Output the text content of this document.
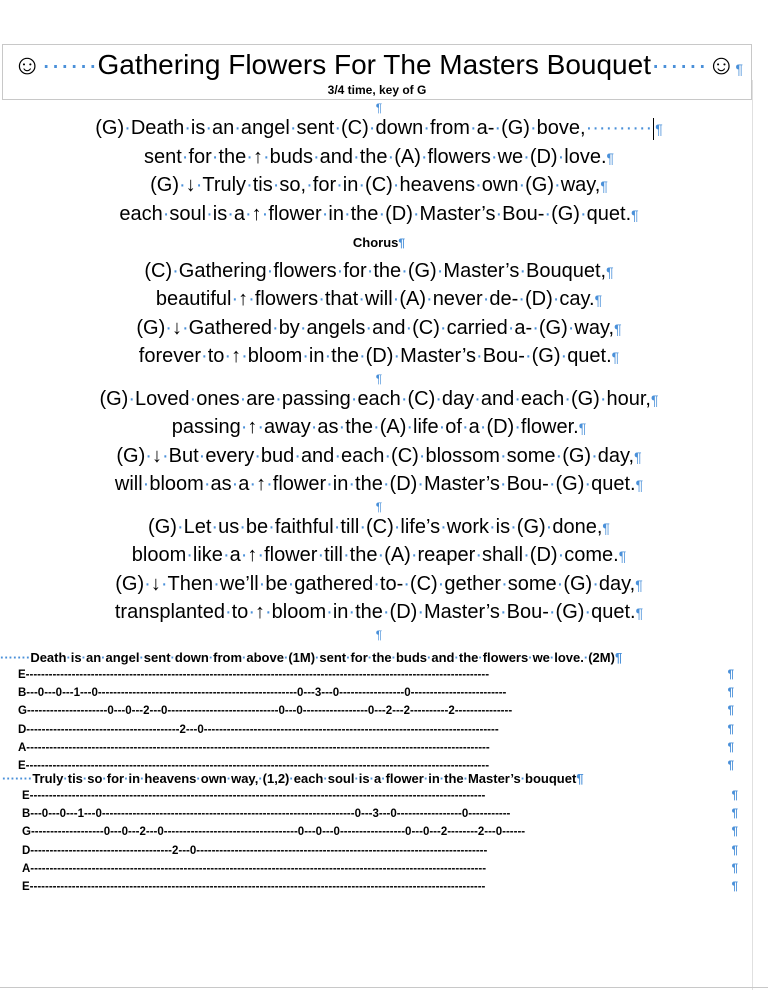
☺······Gathering Flowers For The Masters Bouquet······☺¶
3/4 time, key of G
¶
(G)·Death·is·an·angel·sent·(C)·down·from·a-·(G)·bove,·········· ¶
sent·for·the·↑·buds·and·the·(A)·flowers·we·(D)·love.¶
(G)·↓·Truly·tis·so,·for·in·(C)·heavens·own·(G)·way,¶
each·soul·is·a·↑·flower·in·the·(D)·Master’s·Bou-·(G)·quet.¶
Chorus¶
(C)·Gathering·flowers·for·the·(G)·Master’s·Bouquet,¶
beautiful·↑·flowers·that·will·(A)·never·de-·(D)·cay.¶
(G)·↓·Gathered·by·angels·and·(C)·carried·a-·(G)·way,¶
forever·to·↑·bloom·in·the·(D)·Master’s·Bou-·(G)·quet.¶
¶
(G)·Loved·ones·are·passing·each·(C)·day·and·each·(G)·hour,¶
passing·↑·away·as·the·(A)·life·of·a·(D)·flower.¶
(G)·↓·But·every·bud·and·each·(C)·blossom·some·(G)·day,¶
will·bloom·as·a·↑·flower·in·the·(D)·Master’s·Bou-·(G)·quet.¶
¶
(G)·Let·us·be·faithful·till·(C)·life’s·work·is·(G)·done,¶
bloom·like·a·↑·flower·till·the·(A)·reaper·shall·(D)·come.¶
(G)·↓·Then·we’ll·be·gathered·to-·(C)·gether·some·(G)·day,¶
transplanted·to·↑·bloom·in·the·(D)·Master’s·Bou-·(G)·quet.¶
¶
·······Death·is·an·angel·sent·down·from·above·(1M)·sent·for·the·buds·and·the·flowers·we·love.·(2M)¶
E-------------------------------------------------------------------------------------------------------------------------	¶
B---0---0---1---0----------------------------------------------------0---3---0-----------------0-------------------------	¶
G---------------------0---0---2---0-----------------------------0---0-----------------0---2---2----------2---------------	¶
D----------------------------------------2---0-----------------------------------------------------------------------------	¶
A-------------------------------------------------------------------------------------------------------------------------	¶
E-------------------------------------------------------------------------------------------------------------------------	¶
·······Truly·tis·so·for·in·heavens·own·way,·(1,2)·each·soul·is·a·flower·in·the·Master’s·bouquet¶
E-----------------------------------------------------------------------------------------------------------------------	¶
B---0---0---1---0------------------------------------------------------------------0---3---0-----------------0-----------	¶
G-------------------0---0---2---0-----------------------------------0---0---0-----------------0---0---2--------2---0------	¶
D-------------------------------------2---0----------------------------------------------------------------------------	¶
A-----------------------------------------------------------------------------------------------------------------------	¶
E-----------------------------------------------------------------------------------------------------------------------	¶
